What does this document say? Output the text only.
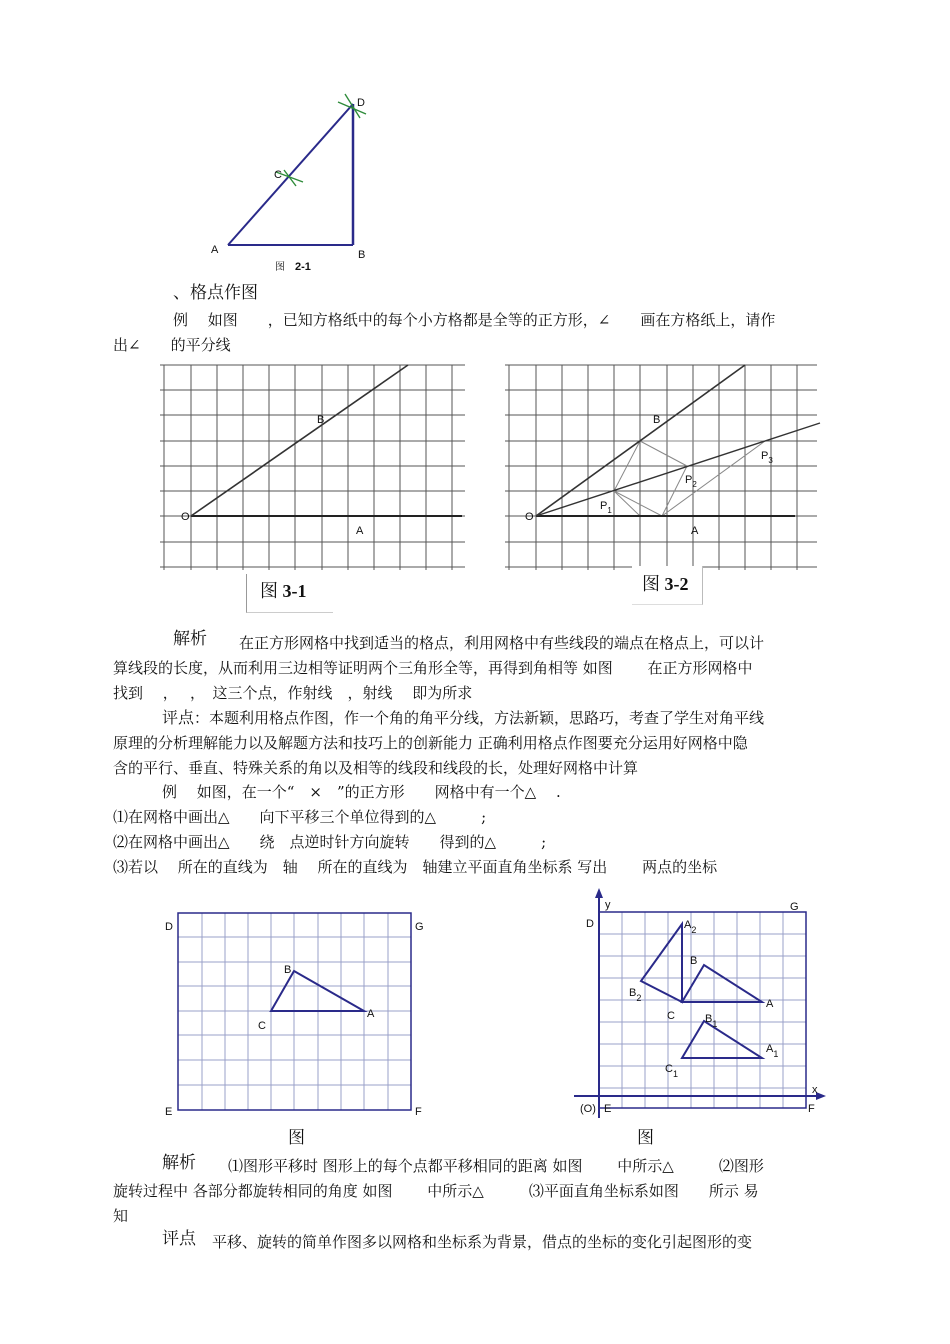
D
C
A	B
图 2-1
、格点作图
例　 如图　　，已知方格纸中的每个小方格都是全等的正方形，∠　　画在方格纸上，请作
出∠　　的平分线
B
O
A
图 3-1
B
O
A
$P_1$
$P_2$
$P_3$
图 3-2
解析 在正方形网格中找到适当的格点，利用网格中有些线段的端点在格点上，可以计
算线段的长度，从而利用三边相等证明两个三角形全等，再得到角相等 如图　　 在正方形网格中
找到　 ，　 ，　这三个点，作射线　，射线　 即为所求
评点：本题利用格点作图，作一个角的角平分线，方法新颖，思路巧，考查了学生对角平线
原理的分析理解能力以及解题方法和技巧上的创新能力 正确利用格点作图要充分运用好网格中隐
含的平行、垂直、特殊关系的角以及相等的线段和线段的长，处理好网格中计算
例　 如图，在一个“　×　”的正方形　　网格中有一个△　 .
⑴在网格中画出△　　向下平移三个单位得到的△　　　;
⑵在网格中画出△　　绕　点逆时针方向旋转　　得到的△　　　;
⑶若以　 所在的直线为　轴　 所在的直线为　轴建立平面直角坐标系 写出　　 两点的坐标
D	G
B
A
C
E	F
图
y	G
D	$A_2$
B
$B_2$
C
A
$B_1$
$A_1$
$C_1$
x
(O) E	F
图
解析 ⑴图形平移时 图形上的每个点都平移相同的距离 如图　　 中所示△　　　⑵图形
旋转过程中 各部分都旋转相同的角度 如图　　 中所示△　　　⑶平面直角坐标系如图　　所示 易
知
评点 平移、旋转的简单作图多以网格和坐标系为背景，借点的坐标的变化引起图形的变
